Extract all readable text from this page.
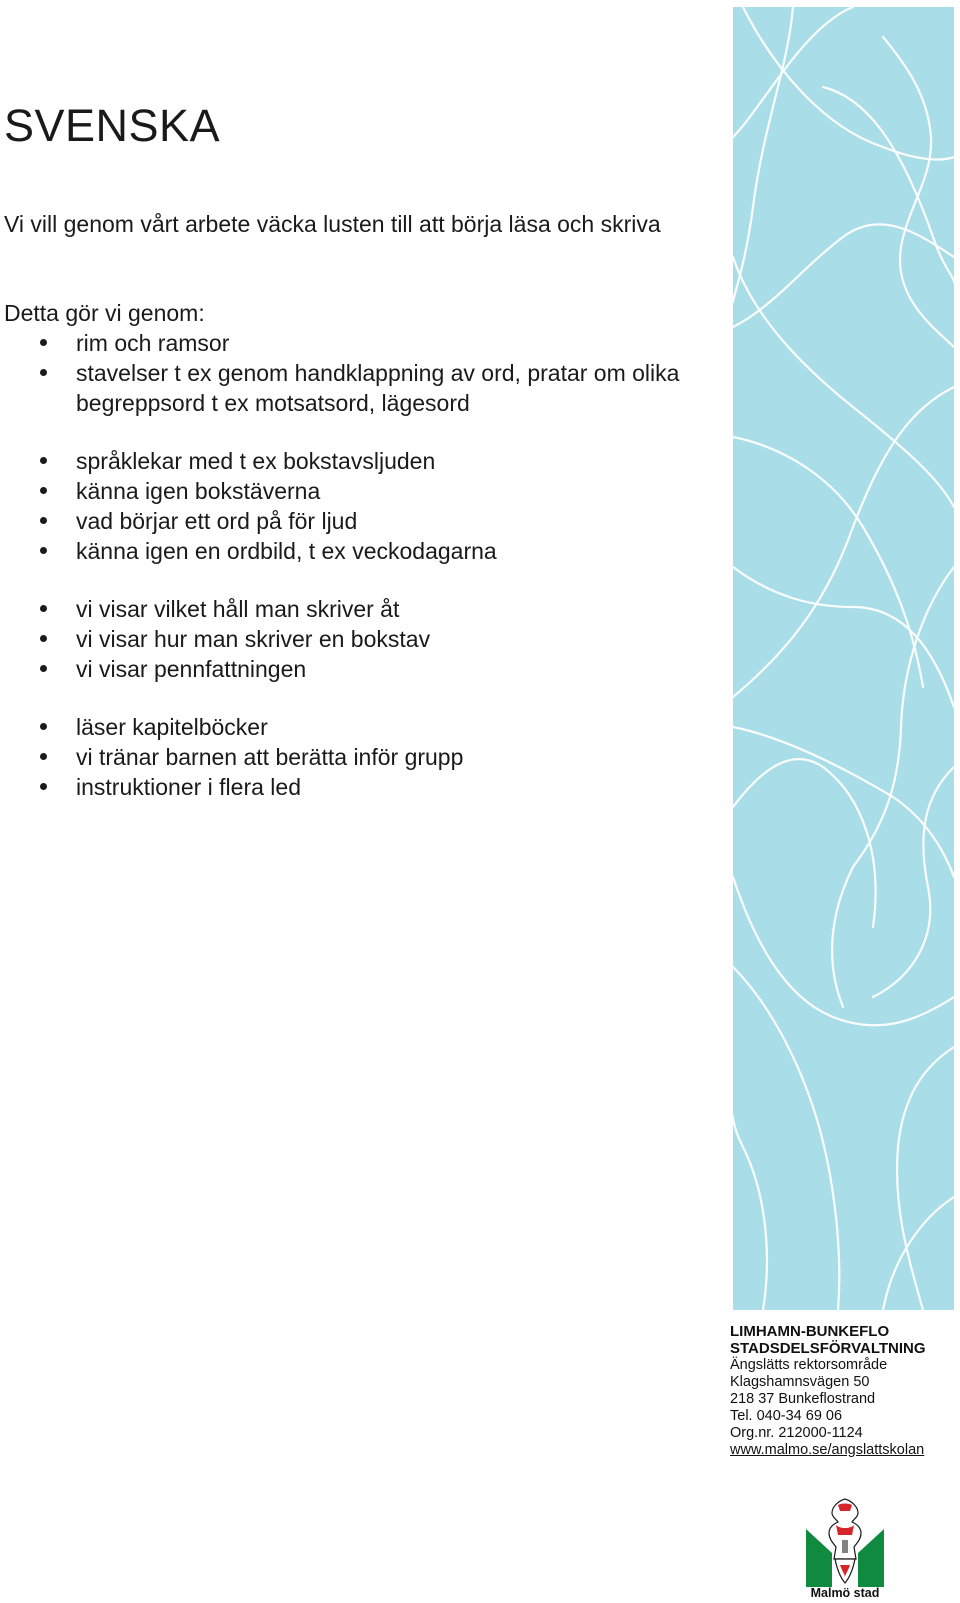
SVENSKA

Vi vill genom vårt arbete väcka lusten till att börja läsa och skriva

Detta gör vi genom:

rim och ramsor
stavelser t ex genom handklappning av ord, pratar om olika begreppsord t ex motsatsord, lägesord
språklekar med t ex bokstavsljuden
känna igen bokstäverna
vad börjar ett ord på för ljud
känna igen en ordbild, t ex veckodagarna
vi visar vilket håll man skriver åt
vi visar hur man skriver en bokstav
vi visar pennfattningen
läser kapitelböcker
vi tränar barnen att berätta inför grupp
instruktioner i flera led
LIMHAMN-BUNKEFLO
STADSDELSFÖRVALTNING
Ängslätts rektorsområde
Klagshamnsvägen 50
218 37 Bunkeflostrand
Tel. 040-34 69 06
Org.nr. 212000-1124
www.malmo.se/angslattskolan
Malmö stad
